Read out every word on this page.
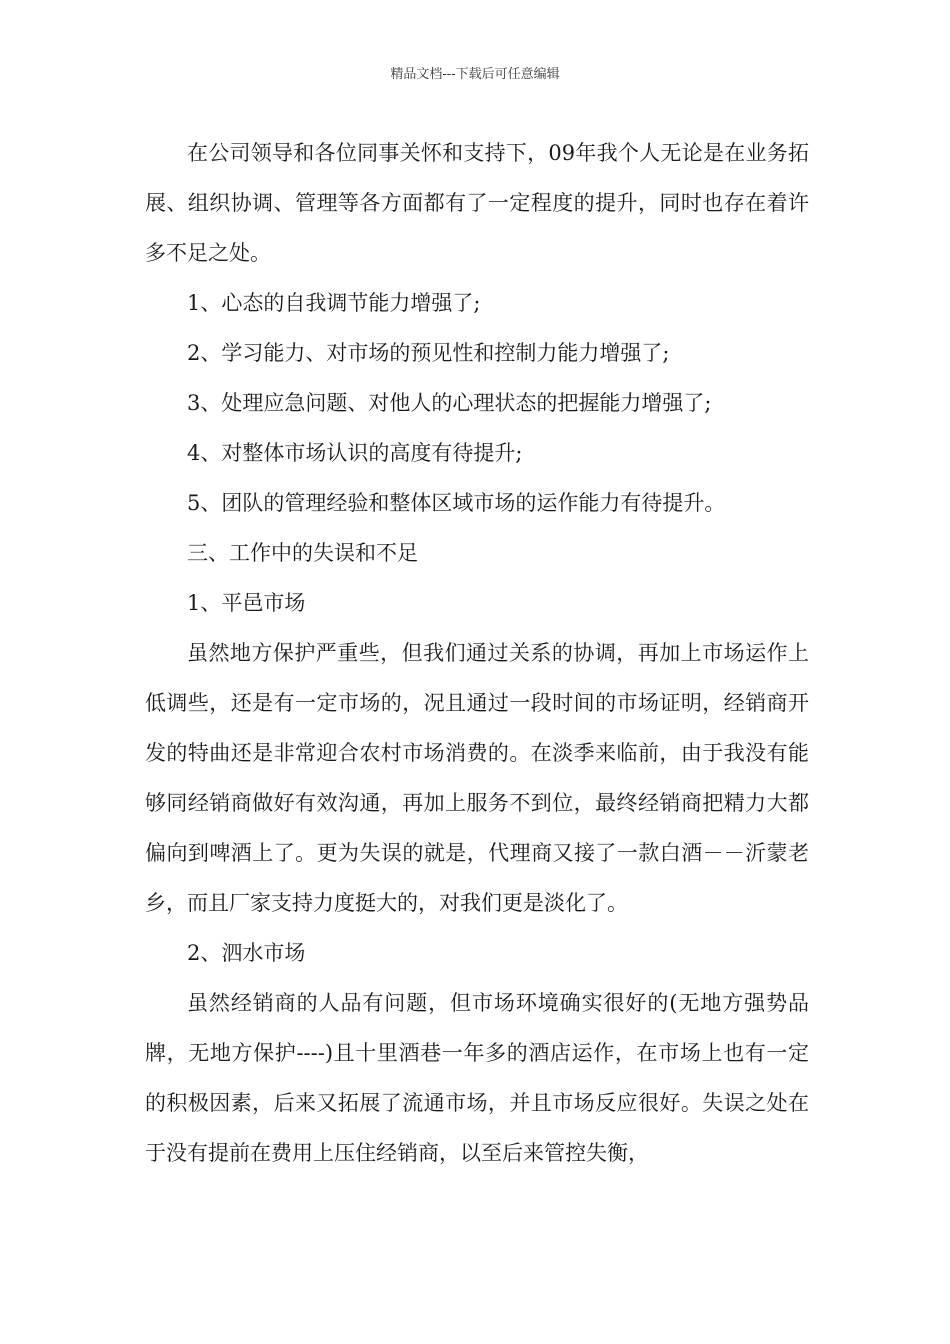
精品文档---下载后可任意编辑

在公司领导和各位同事关怀和支持下，09年我个人无论是在业务拓展、组织协调、管理等各方面都有了一定程度的提升，同时也存在着许多不足之处。

1、心态的自我调节能力增强了;

2、学习能力、对市场的预见性和控制力能力增强了;

3、处理应急问题、对他人的心理状态的把握能力增强了;

4、对整体市场认识的高度有待提升;

5、团队的管理经验和整体区域市场的运作能力有待提升。

三、工作中的失误和不足

1、平邑市场

虽然地方保护严重些，但我们通过关系的协调，再加上市场运作上低调些，还是有一定市场的，况且通过一段时间的市场证明，经销商开发的特曲还是非常迎合农村市场消费的。在淡季来临前，由于我没有能够同经销商做好有效沟通，再加上服务不到位，最终经销商把精力大都偏向到啤酒上了。更为失误的就是，代理商又接了一款白酒－－沂蒙老乡，而且厂家支持力度挺大的，对我们更是淡化了。

2、泗水市场

虽然经销商的人品有问题，但市场环境确实很好的(无地方强势品牌，无地方保护----)且十里酒巷一年多的酒店运作，在市场上也有一定的积极因素，后来又拓展了流通市场，并且市场反应很好。失误之处在于没有提前在费用上压住经销商，以至后来管控失衡，
